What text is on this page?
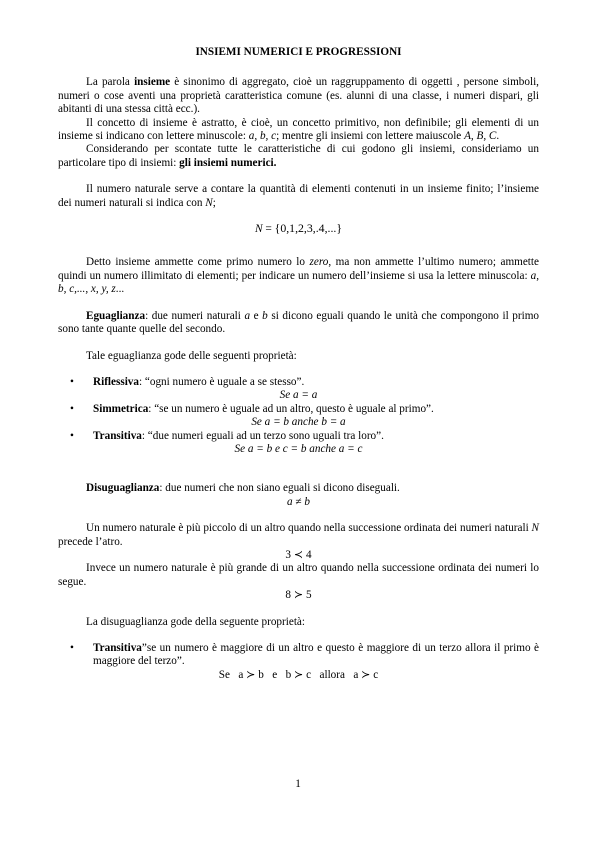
INSIEMI NUMERICI E PROGRESSIONI

La parola insieme è sinonimo di aggregato, cioè un raggruppamento di oggetti , persone simboli, numeri o cose aventi una proprietà caratteristica comune (es. alunni di una classe, i numeri dispari, gli abitanti di una stessa città ecc.).

Il concetto di insieme è astratto, è cioè, un concetto primitivo, non definibile; gli elementi di un insieme si indicano con lettere minuscole: a, b, c; mentre gli insiemi con lettere maiuscole A, B, C.

Considerando per scontate tutte le caratteristiche di cui godono gli insiemi, consideriamo un particolare tipo di insiemi: gli insiemi numerici.

Il numero naturale serve a contare la quantità di elementi contenuti in un insieme finito; l’insieme dei numeri naturali si indica con N;

N = {0,1,2,3,.4,...}

Detto insieme ammette come primo numero lo zero, ma non ammette l’ultimo numero; ammette quindi un numero illimitato di elementi; per indicare un numero dell’insieme si usa la lettere minuscola: a, b, c,..., x, y, z...

Eguaglianza: due numeri naturali a e b si dicono eguali quando le unità che compongono il primo sono tante quante quelle del secondo.

Tale eguaglianza gode delle seguenti proprietà:

• Riflessiva: “ogni numero è uguale a se stesso”.
Se a = a
• Simmetrica: “se un numero è uguale ad un altro, questo è uguale al primo”.
Se a = b anche b = a
• Transitiva: “due numeri eguali ad un terzo sono uguali tra loro”.
Se a = b e c = b anche a = c

Disuguaglianza: due numeri che non siano eguali si dicono diseguali.

a ≠ b

Un numero naturale è più piccolo di un altro quando nella successione ordinata dei numeri naturali N precede l’atro.

3 ≺ 4

Invece un numero naturale è più grande di un altro quando nella successione ordinata dei numeri lo segue.

8 ≻ 5

La disuguaglianza gode della seguente proprietà:

• Transitiva”se un numero è maggiore di un altro e questo è maggiore di un terzo allora il primo è maggiore del terzo”.
Se   a ≻ b   e   b ≻ c   allora   a ≻ c
1
